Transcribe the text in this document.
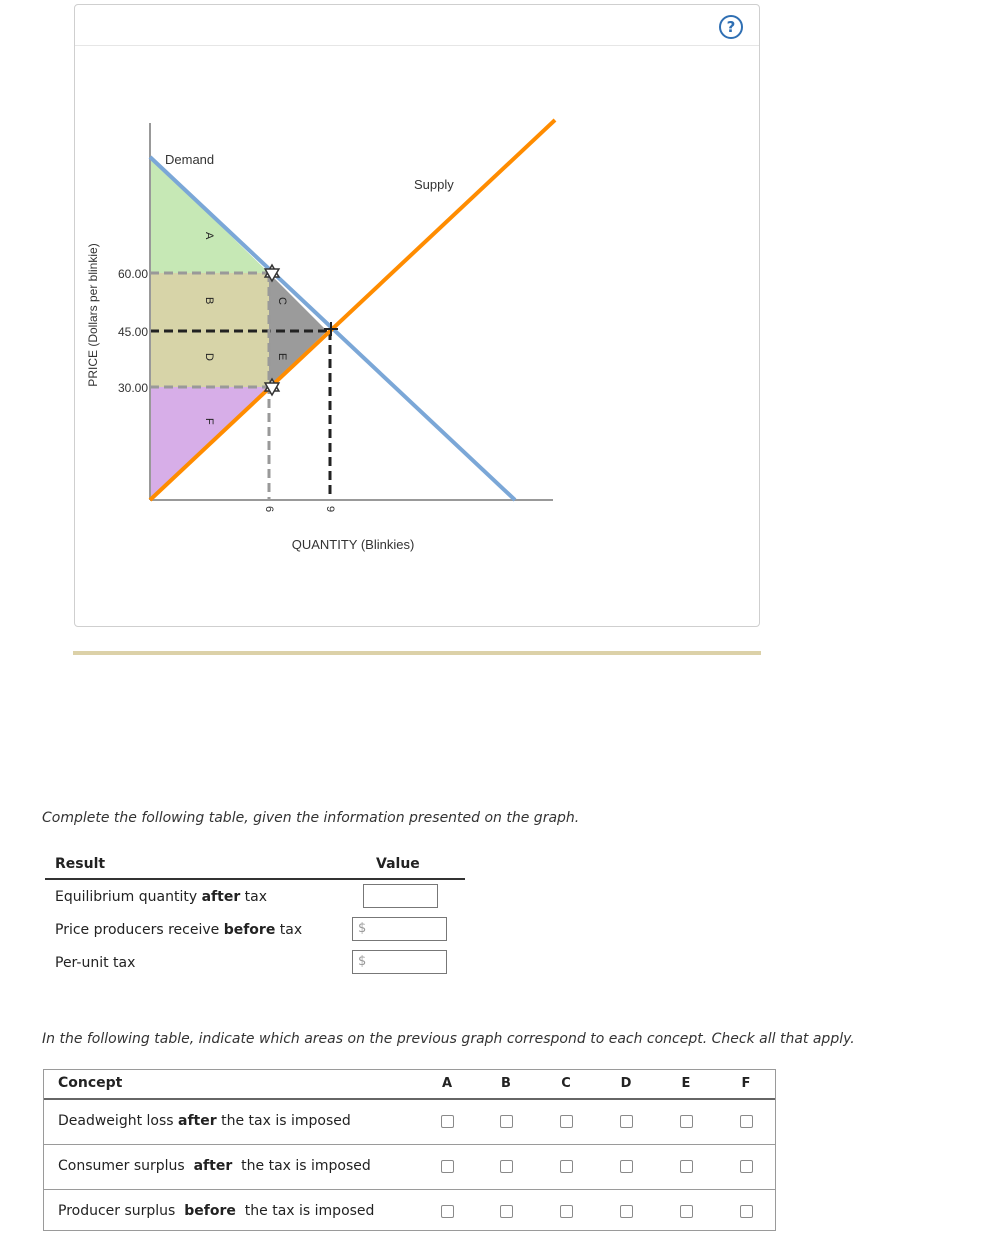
?
Demand
Supply
A
B	C
D	E
F
60.00
45.00
30.00
6	9
QUANTITY (Blinkies)
PRICE (Dollars per blinkie)
Complete the following table, given the information presented on the graph.
Result	Value
Equilibrium quantity after tax
Price producers receive before tax	$
Per-unit tax	$
In the following table, indicate which areas on the previous graph correspond to each concept. Check all that apply.
Concept	A	B	C	D	E	F
Deadweight loss after the tax is imposed
Consumer surplus  after  the tax is imposed
Producer surplus  before  the tax is imposed
